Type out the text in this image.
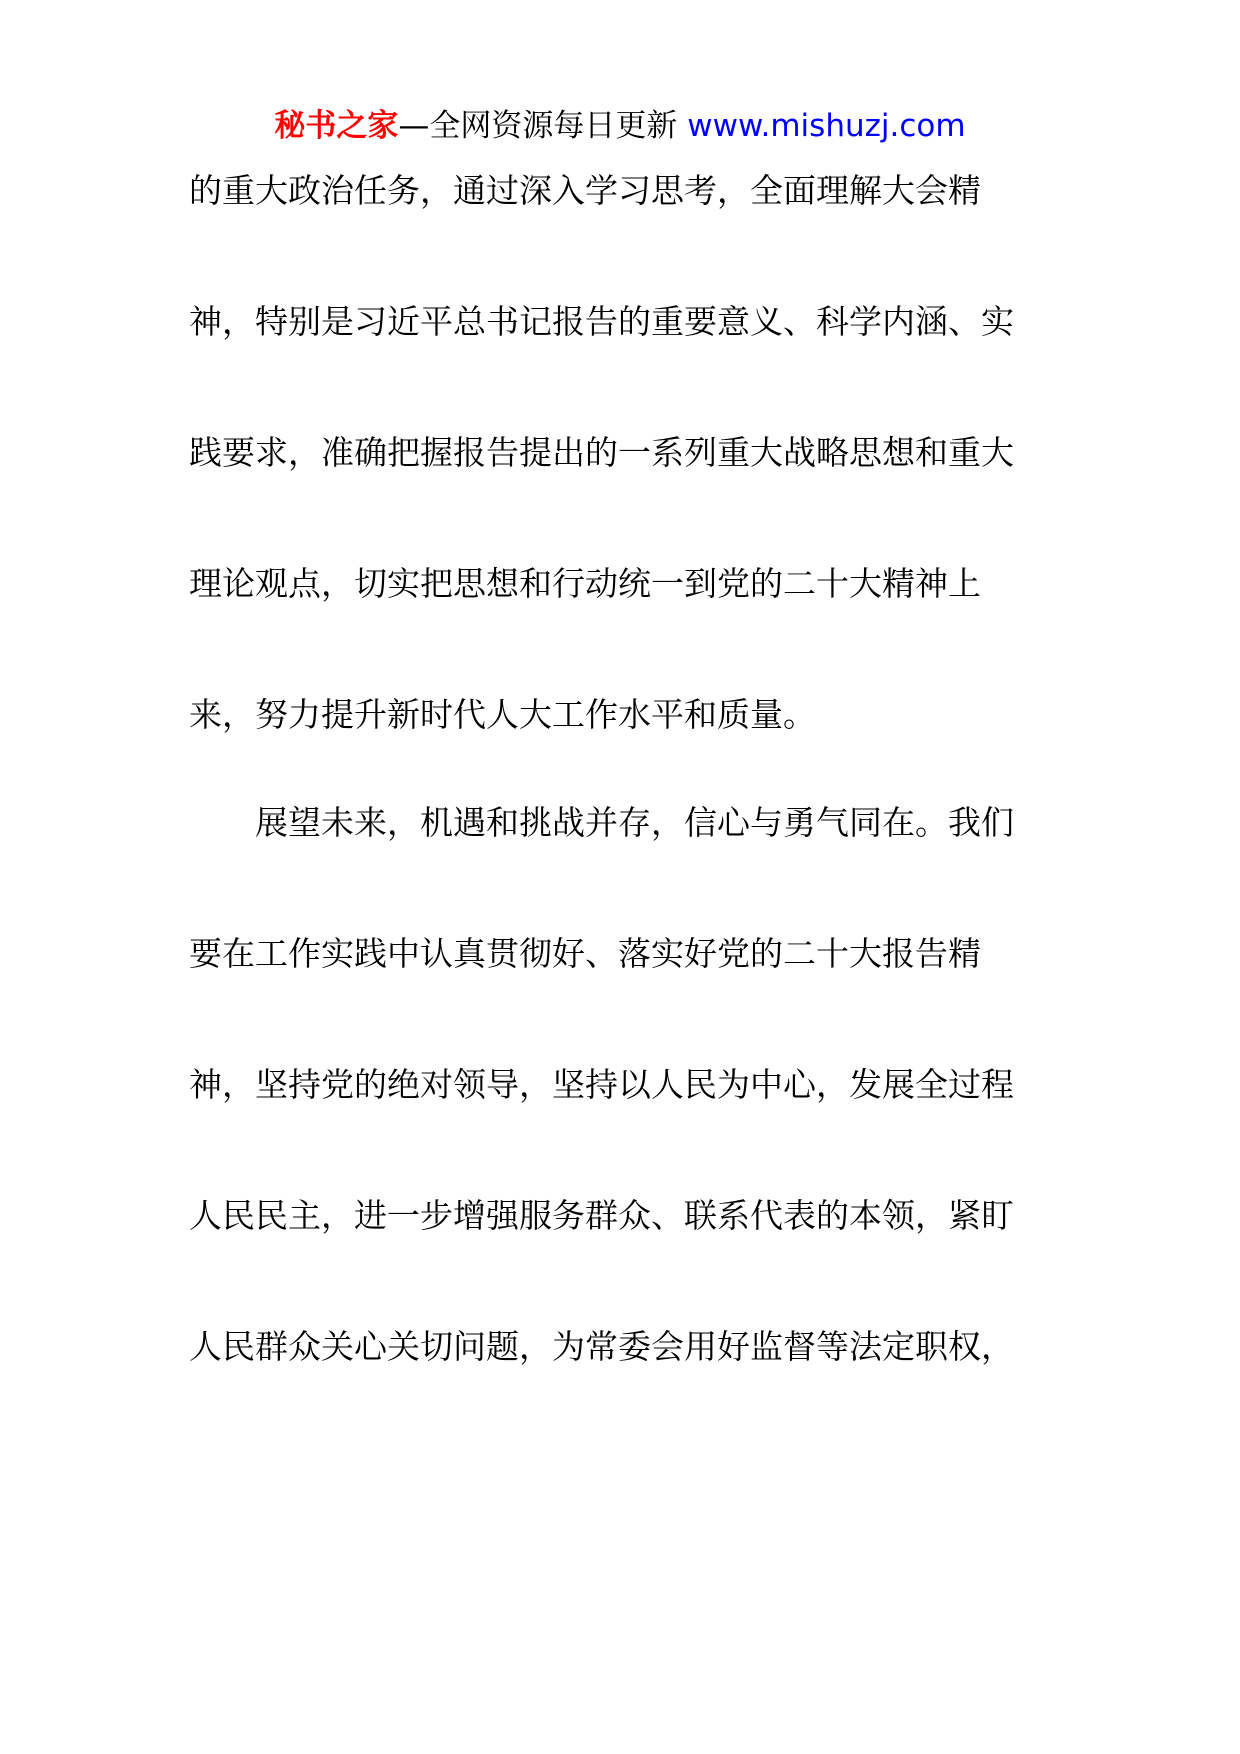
秘书之家—全网资源每日更新 www.mishuzj.com
的重大政治任务，通过深入学习思考，全面理解大会精
神，特别是习近平总书记报告的重要意义、科学内涵、实
践要求，准确把握报告提出的一系列重大战略思想和重大
理论观点，切实把思想和行动统一到党的二十大精神上
来，努力提升新时代人大工作水平和质量。
　　展望未来，机遇和挑战并存，信心与勇气同在。我们
要在工作实践中认真贯彻好、落实好党的二十大报告精
神，坚持党的绝对领导，坚持以人民为中心，发展全过程
人民民主，进一步增强服务群众、联系代表的本领，紧盯
人民群众关心关切问题，为常委会用好监督等法定职权，
